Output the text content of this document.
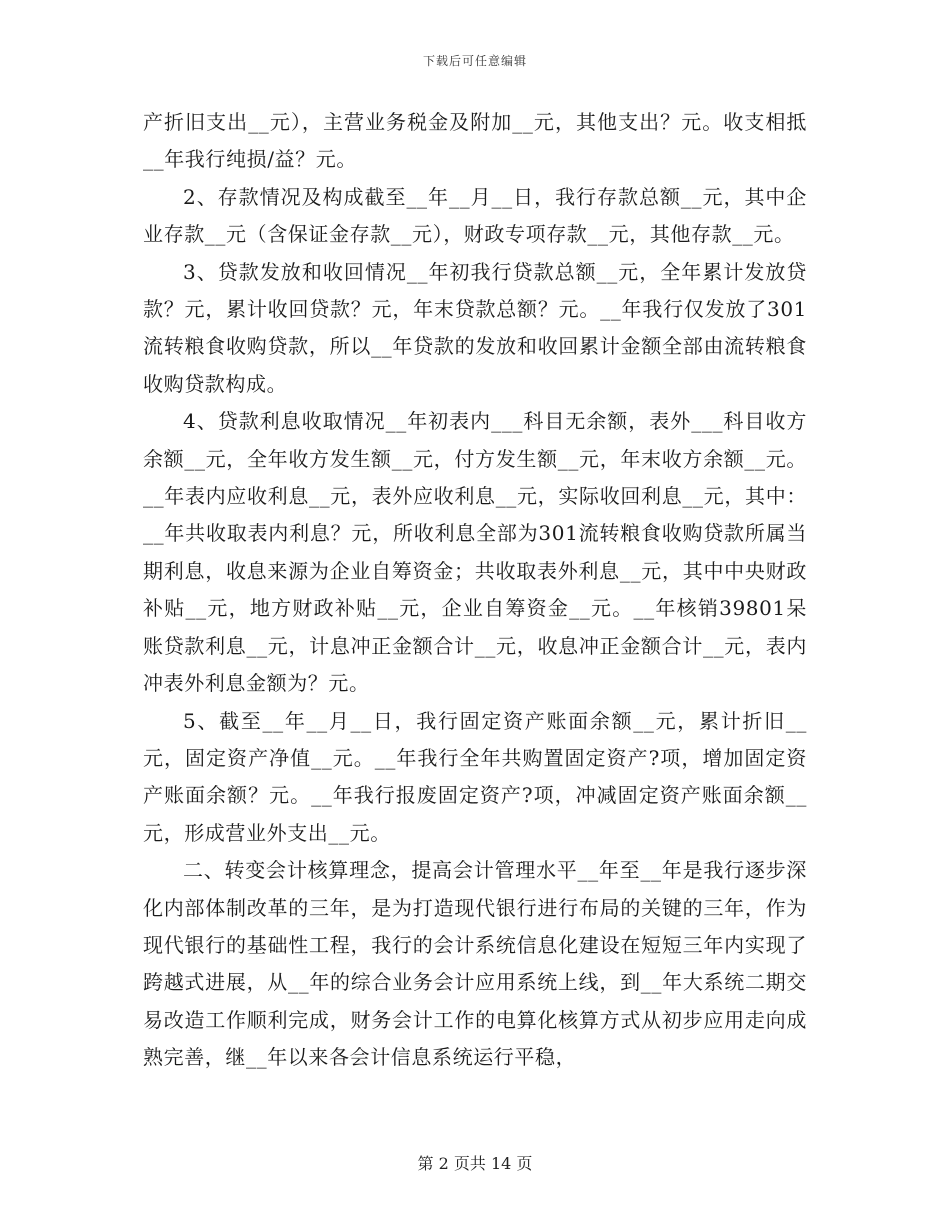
下载后可任意编辑

产折旧支出__元），主营业务税金及附加__元，其他支出？元。收支相抵__年我行纯损/益？元。

2、存款情况及构成截至__年__月__日，我行存款总额__元，其中企业存款__元（含保证金存款__元），财政专项存款__元，其他存款__元。

3、贷款发放和收回情况__年初我行贷款总额__元，全年累计发放贷款？元，累计收回贷款？元，年末贷款总额？元。__年我行仅发放了301流转粮食收购贷款，所以__年贷款的发放和收回累计金额全部由流转粮食收购贷款构成。

4、贷款利息收取情况__年初表内___科目无余额，表外___科目收方余额__元，全年收方发生额__元，付方发生额__元，年末收方余额__元。__年表内应收利息__元，表外应收利息__元，实际收回利息__元，其中：__年共收取表内利息？元，所收利息全部为301流转粮食收购贷款所属当期利息，收息来源为企业自筹资金；共收取表外利息__元，其中中央财政补贴__元，地方财政补贴__元，企业自筹资金__元。__年核销39801呆账贷款利息__元，计息冲正金额合计__元，收息冲正金额合计__元，表内冲表外利息金额为？元。

5、截至__年__月__日，我行固定资产账面余额__元，累计折旧__元，固定资产净值__元。__年我行全年共购置固定资产?项，增加固定资产账面余额？元。__年我行报废固定资产?项，冲减固定资产账面余额__元，形成营业外支出__元。

二、转变会计核算理念，提高会计管理水平__年至__年是我行逐步深化内部体制改革的三年，是为打造现代银行进行布局的关键的三年，作为现代银行的基础性工程，我行的会计系统信息化建设在短短三年内实现了跨越式进展，从__年的综合业务会计应用系统上线，到__年大系统二期交易改造工作顺利完成，财务会计工作的电算化核算方式从初步应用走向成熟完善，继__年以来各会计信息系统运行平稳，

第 2 页共 14 页
